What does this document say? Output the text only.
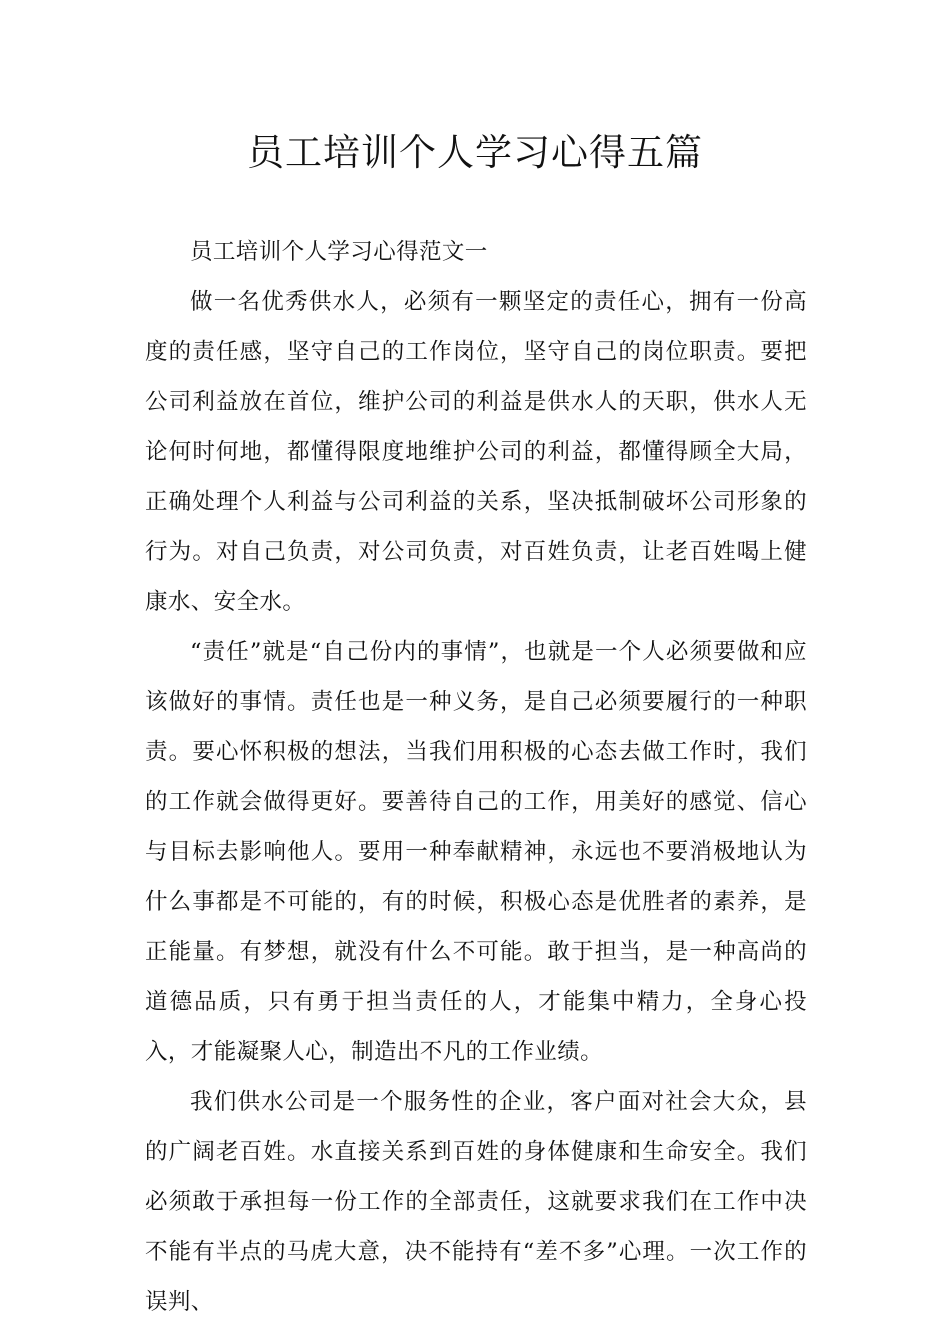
员工培训个人学习心得五篇

员工培训个人学习心得范文一

做一名优秀供水人，必须有一颗坚定的责任心，拥有一份高度的责任感，坚守自己的工作岗位，坚守自己的岗位职责。要把公司利益放在首位，维护公司的利益是供水人的天职，供水人无论何时何地，都懂得限度地维护公司的利益，都懂得顾全大局，正确处理个人利益与公司利益的关系，坚决抵制破坏公司形象的行为。对自己负责，对公司负责，对百姓负责，让老百姓喝上健康水、安全水。

“责任”就是“自己份内的事情”，也就是一个人必须要做和应该做好的事情。责任也是一种义务，是自己必须要履行的一种职责。要心怀积极的想法，当我们用积极的心态去做工作时，我们的工作就会做得更好。要善待自己的工作，用美好的感觉、信心与目标去影响他人。要用一种奉献精神，永远也不要消极地认为什么事都是不可能的，有的时候，积极心态是优胜者的素养，是正能量。有梦想，就没有什么不可能。敢于担当，是一种高尚的道德品质，只有勇于担当责任的人，才能集中精力，全身心投入，才能凝聚人心，制造出不凡的工作业绩。

我们供水公司是一个服务性的企业，客户面对社会大众，县的广阔老百姓。水直接关系到百姓的身体健康和生命安全。我们必须敢于承担每一份工作的全部责任，这就要求我们在工作中决不能有半点的马虎大意，决不能持有“差不多”心理。一次工作的误判、
